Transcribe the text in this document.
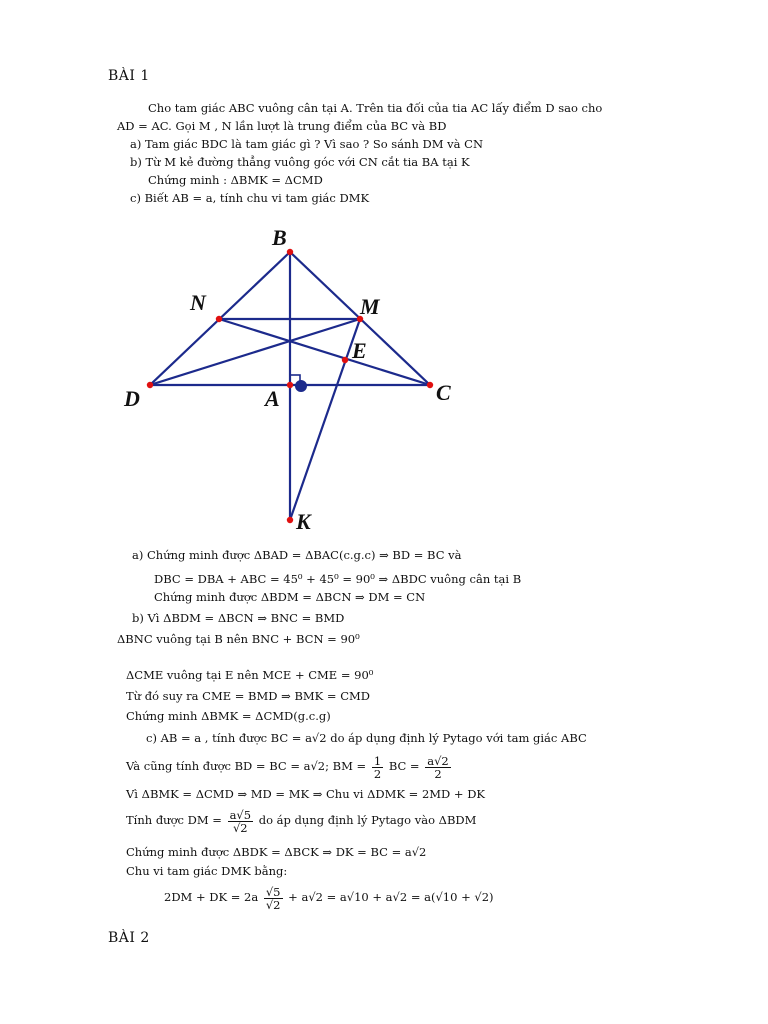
BÀI 1
Cho tam giác ABC vuông cân tại A. Trên tia đối của tia AC lấy điểm D sao cho
AD = AC. Gọi M , N lần lượt là trung điểm của BC và BD
a) Tam giác BDC là tam giác gì ? Vì sao ? So sánh DM và CN
b) Từ M kẻ đường thẳng vuông góc với CN cắt tia BA tại K
Chứng minh : ΔBMK = ΔCMD
c) Biết AB = a, tính chu vi tam giác DMK
B
N	M
E
D	A	C
K
a) Chứng minh được ΔBAD = ΔBAC(c.g.c) ⇒ BD = BC và
DBC = DBA + ABC = 45⁰ + 45⁰ = 90⁰ ⇒ ΔBDC vuông cân tại B
Chứng minh được ΔBDM = ΔBCN ⇒ DM = CN
b) Vì ΔBDM = ΔBCN ⇒ BNC = BMD
ΔBNC vuông tại B nên BNC + BCN = 90⁰
ΔCME vuông tại E nên MCE + CME = 90⁰
Từ đó suy ra CME = BMD ⇒ BMK = CMD
Chứng minh ΔBMK = ΔCMD(g.c.g)
c) AB = a , tính được BC = a√2 do áp dụng định lý Pytago với tam giác ABC
Và cũng tính được BD = BC = a√2; BM = $\frac{1}{2}$ BC = $\frac{a√2}{2}$
Vì ΔBMK = ΔCMD ⇒ MD = MK ⇒ Chu vi ΔDMK = 2MD + DK
Tính được DM = $\frac{a√5}{√2}$ do áp dụng định lý Pytago vào ΔBDM
Chứng minh được ΔBDK = ΔBCK ⇒ DK = BC = a√2
Chu vi tam giác DMK bằng:
2DM + DK = $2a \frac{√5}{√2} + a√2 = a√10 + a√2 = a(√10 + √2)$
BÀI 2
